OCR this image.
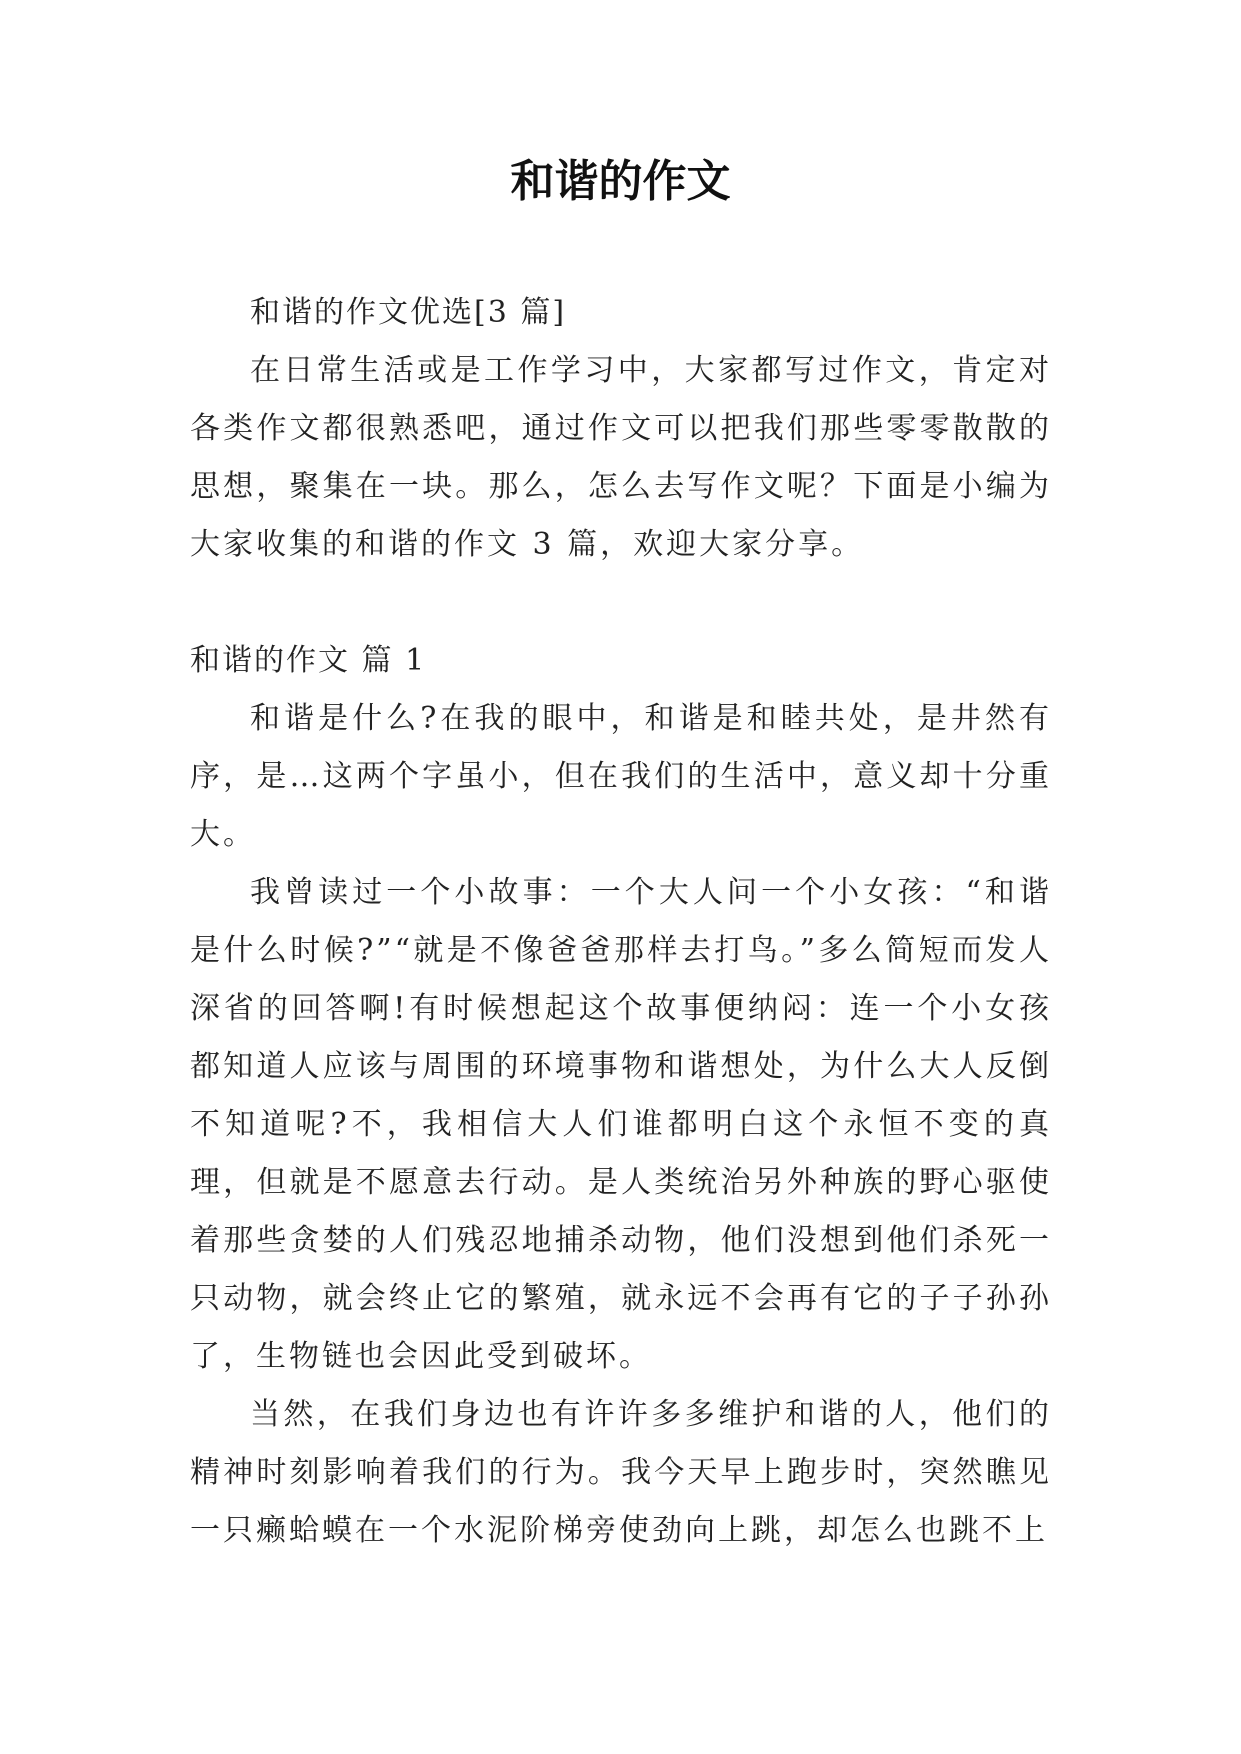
和谐的作文

和谐的作文优选[3 篇]

在日常生活或是工作学习中，大家都写过作文，肯定对各类作文都很熟悉吧，通过作文可以把我们那些零零散散的思想，聚集在一块。那么，怎么去写作文呢？下面是小编为大家收集的和谐的作文 3 篇，欢迎大家分享。

和谐的作文 篇 1

和谐是什么?在我的眼中，和谐是和睦共处，是井然有序，是…这两个字虽小，但在我们的生活中，意义却十分重大。

我曾读过一个小故事：一个大人问一个小女孩：“和谐是什么时候?”“就是不像爸爸那样去打鸟。”多么简短而发人深省的回答啊!有时候想起这个故事便纳闷：连一个小女孩都知道人应该与周围的环境事物和谐想处，为什么大人反倒不知道呢?不，我相信大人们谁都明白这个永恒不变的真理，但就是不愿意去行动。是人类统治另外种族的野心驱使着那些贪婪的人们残忍地捕杀动物，他们没想到他们杀死一只动物，就会终止它的繁殖，就永远不会再有它的子子孙孙了，生物链也会因此受到破坏。

当然，在我们身边也有许许多多维护和谐的人，他们的精神时刻影响着我们的行为。我今天早上跑步时，突然瞧见一只癞蛤蟆在一个水泥阶梯旁使劲向上跳，却怎么也跳不上
